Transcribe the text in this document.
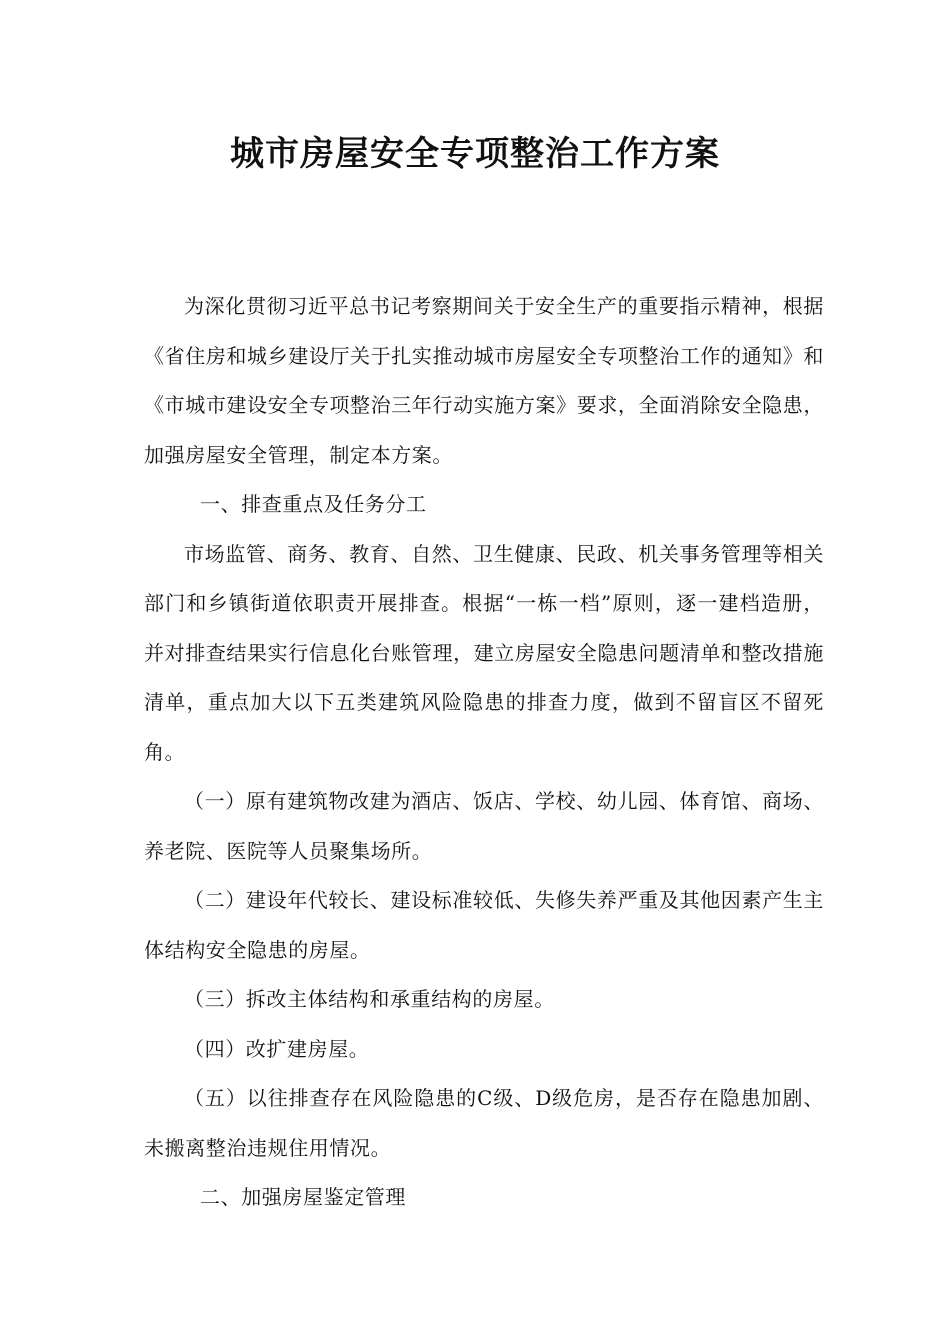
城市房屋安全专项整治工作方案

为深化贯彻习近平总书记考察期间关于安全生产的重要指示精神，根据《省住房和城乡建设厅关于扎实推动城市房屋安全专项整治工作的通知》和《市城市建设安全专项整治三年行动实施方案》要求，全面消除安全隐患，加强房屋安全管理，制定本方案。

一、排查重点及任务分工

市场监管、商务、教育、自然、卫生健康、民政、机关事务管理等相关部门和乡镇街道依职责开展排查。根据“一栋一档”原则，逐一建档造册，并对排查结果实行信息化台账管理，建立房屋安全隐患问题清单和整改措施清单，重点加大以下五类建筑风险隐患的排查力度，做到不留盲区不留死角。

（一）原有建筑物改建为酒店、饭店、学校、幼儿园、体育馆、商场、养老院、医院等人员聚集场所。

（二）建设年代较长、建设标准较低、失修失养严重及其他因素产生主体结构安全隐患的房屋。

（三）拆改主体结构和承重结构的房屋。

（四）改扩建房屋。

（五）以往排查存在风险隐患的C级、D级危房，是否存在隐患加剧、未搬离整治违规住用情况。

二、加强房屋鉴定管理
